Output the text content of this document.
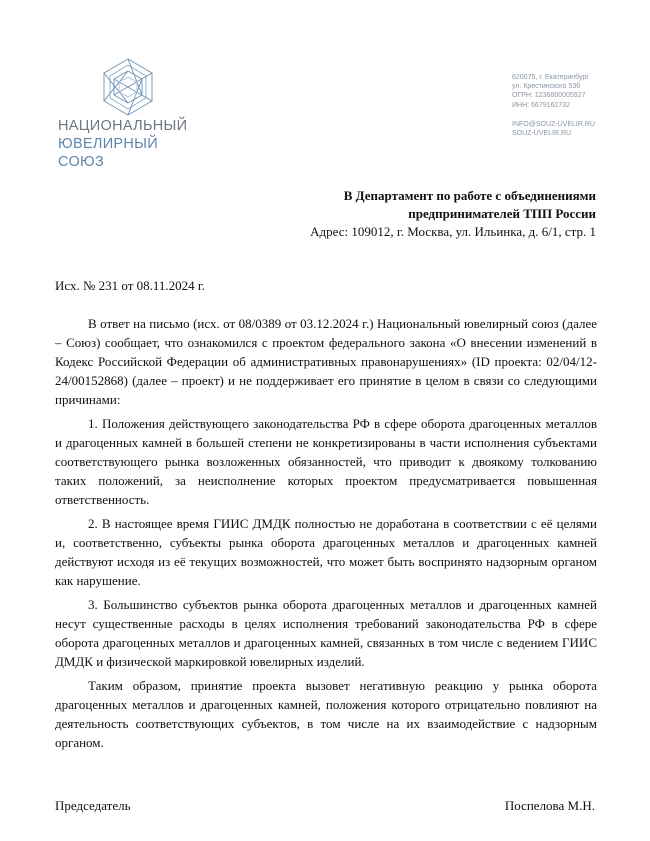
НАЦИОНАЛЬНЫЙ
ЮВЕЛИРНЫЙ СОЮЗ
620075, г. Екатеринбург
ул. Крестинского 53б
ОГРН: 1236600005927
ИНН: 6679162732
INFO@SOUZ-UVELIR.RU
SOUZ-UVELIR.RU
В Департамент по работе с объединениями
предпринимателей ТПП России
Адрес: 109012, г. Москва, ул. Ильинка, д. 6/1, стр. 1
Исх. № 231 от 08.11.2024 г.

В ответ на письмо (исх. от 08/0389 от 03.12.2024 г.) Национальный ювелирный союз (далее – Союз) сообщает, что ознакомился с проектом федерального закона «О внесении изменений в Кодекс Российской Федерации об административных правонарушениях» (ID проекта: 02/04/12-24/00152868) (далее – проект) и не поддерживает его принятие в целом в связи со следующими причинами:

1. Положения действующего законодательства РФ в сфере оборота драгоценных металлов и драгоценных камней в большей степени не конкретизированы в части исполнения субъектами соответствующего рынка возложенных обязанностей, что приводит к двоякому толкованию таких положений, за неисполнение которых проектом предусматривается повышенная ответственность.

2. В настоящее время ГИИС ДМДК полностью не доработана в соответствии с её целями и, соответственно, субъекты рынка оборота драгоценных металлов и драгоценных камней действуют исходя из её текущих возможностей, что может быть воспринято надзорным органом как нарушение.

3. Большинство субъектов рынка оборота драгоценных металлов и драгоценных камней несут существенные расходы в целях исполнения требований законодательства РФ в сфере оборота драгоценных металлов и драгоценных камней, связанных в том числе с ведением ГИИС ДМДК и физической маркировкой ювелирных изделий.

Таким образом, принятие проекта вызовет негативную реакцию у рынка оборота драгоценных металлов и драгоценных камней, положения которого отрицательно повлияют на деятельность соответствующих субъектов, в том числе на их взаимодействие с надзорным органом.

Председатель	Поспелова М.Н.
